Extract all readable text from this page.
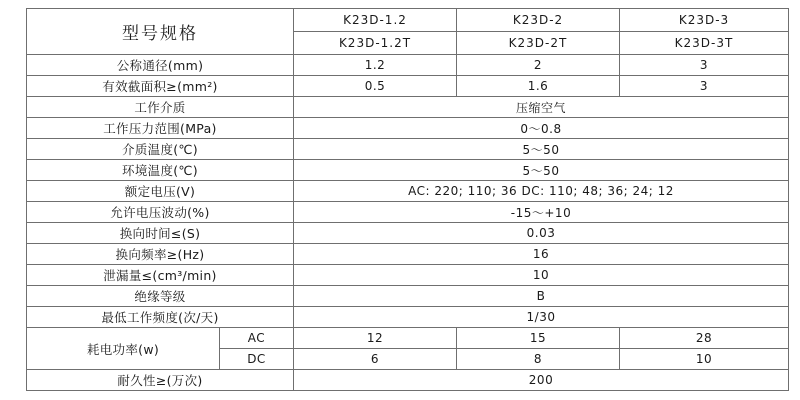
型号规格		K23D-1.2	K23D-2	K23D-3
		K23D-1.2T	K23D-2T	K23D-3T
公称通径(mm)		1.2	2	3
有效截面积≥(mm²)		0.5	1.6	3
工作介质		压缩空气		
工作压力范围(MPa)		0～0.8		
介质温度(℃)		5～50		
环境温度(℃)		5～50		
额定电压(V)		AC: 220; 110; 36 DC: 110; 48; 36; 24; 12		
允许电压波动(%)		-15～+10		
换向时间≤(S)		0.03		
换向频率≥(Hz)		16		
泄漏量≤(cm³/min)		10		
绝缘等级		B		
最低工作频度(次/天)		1/30		
耗电功率(w)	AC	12	15	28
	DC	6	8	10
耐久性≥(万次)		200		
